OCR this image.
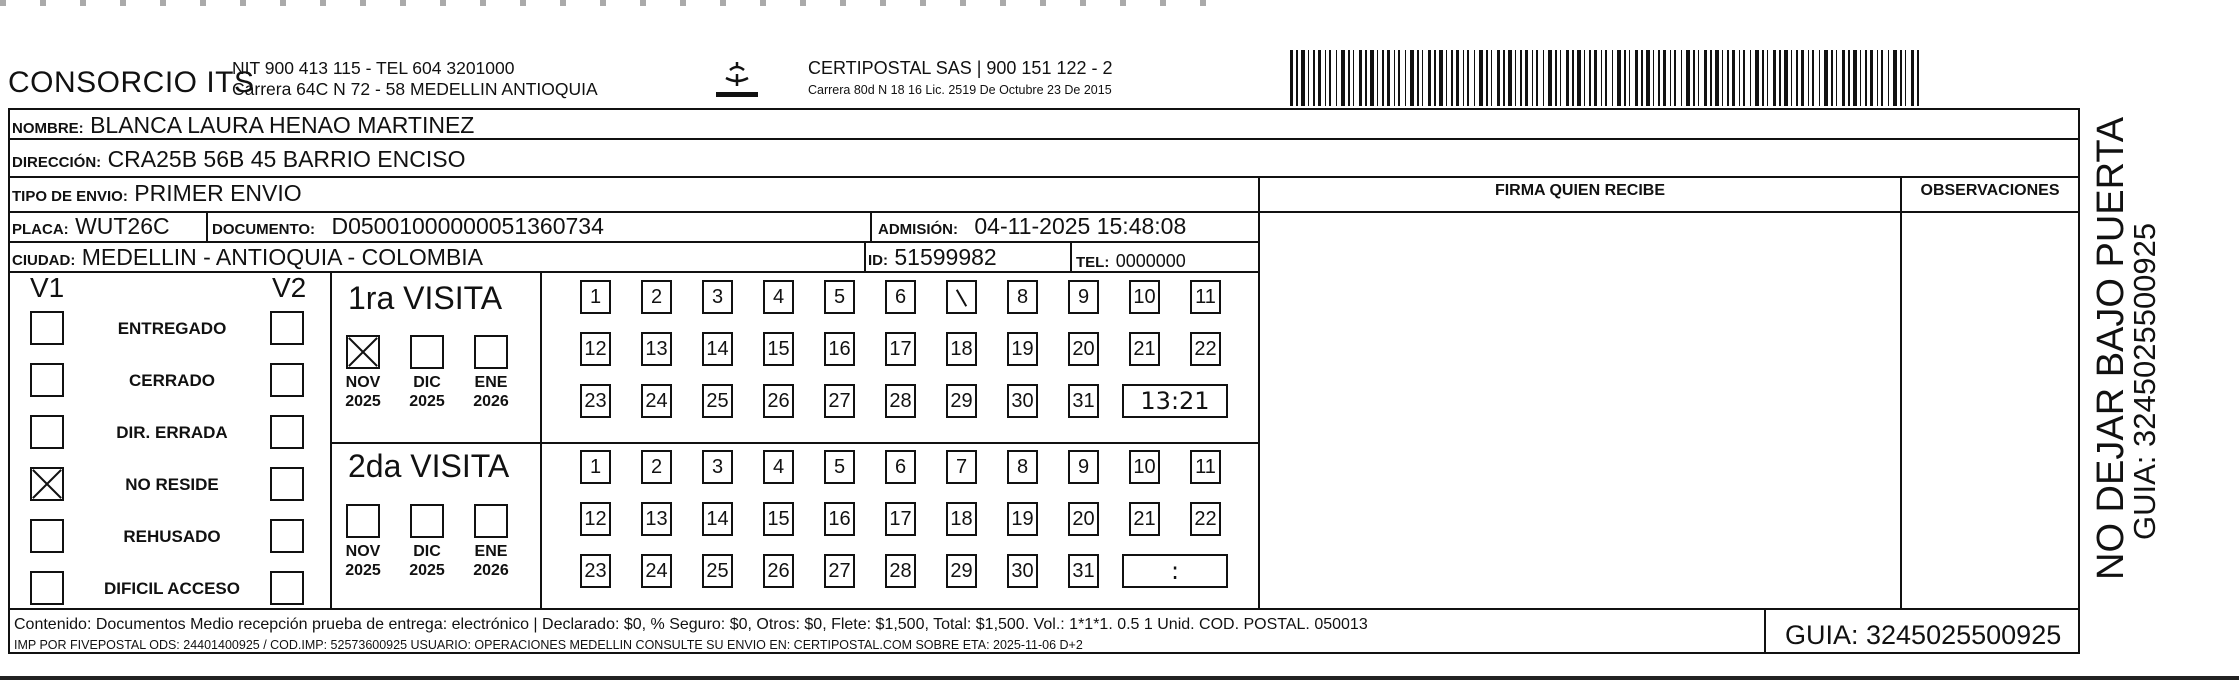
CONSORCIO ITS
NIT 900 413 115 - TEL 604 3201000
Carrera 64C N 72 - 58 MEDELLIN ANTIOQUIA
CERTIPOSTAL SAS | 900 151 122 - 2
Carrera 80d N 18 16 Lic. 2519 De Octubre 23 De 2015
NOMBRE: BLANCA LAURA HENAO MARTINEZ
DIRECCIÓN: CRA25B 56B 45 BARRIO ENCISO
TIPO DE ENVIO: PRIMER ENVIO
PLACA: WUT26C	DOCUMENTO: D05001000000051360734	ADMISIÓN: 04-11-2025 15:48:08
CIUDAD: MEDELLIN - ANTIOQUIA - COLOMBIA	ID: 51599982	TEL: 0000000
FIRMA QUIEN RECIBE	OBSERVACIONES
V1	V2 1ra VISITA
2da VISITA
Contenido: Documentos Medio recepción prueba de entrega: electrónico | Declarado: $0, % Seguro: $0, Otros: $0, Flete: $1,500, Total: $1,500. Vol.: 1*1*1. 0.5 1 Unid. COD. POSTAL. 050013
IMP POR FIVEPOSTAL ODS: 24401400925 / COD.IMP: 52573600925 USUARIO: OPERACIONES MEDELLIN CONSULTE SU ENVIO EN: CERTIPOSTAL.COM SOBRE ETA: 2025-11-06 D+2	GUIA: 3245025500925
NO DEJAR BAJO PUERTA
GUIA: 3245025500925
ENTREGADO
CERRADO
DIR. ERRADA
NO RESIDE
REHUSADO
DIFICIL ACCESO
NOV
2025
DIC
2025
ENE
2026
1	2	3	4	5	6	8	9	10 11
12 13 14 15 16 17 18 19 20 21 22
23 24 25 26 27 28 29 30 31	13:21
NOV
2025
DIC
2025
ENE
2026
1	2	3	4	5	6	7	8	9	10 11
12 13 14 15 16 17 18 19 20 21 22
23 24 25 26 27 28 29 30 31	:
